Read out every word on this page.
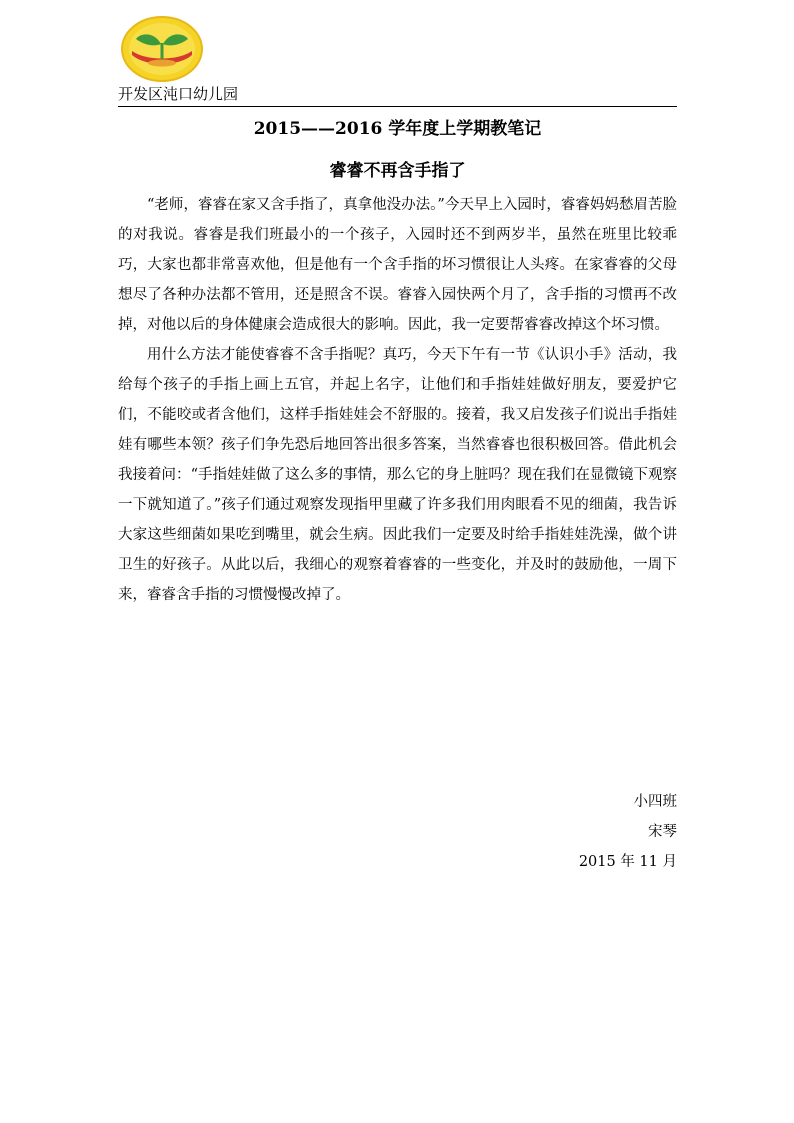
开发区沌口幼儿园
2015——2016 学年度上学期教笔记
睿睿不再含手指了

“老师，睿睿在家又含手指了，真拿他没办法。”今天早上入园时，睿睿妈妈愁眉苦脸的对我说。睿睿是我们班最小的一个孩子，入园时还不到两岁半，虽然在班里比较乖巧，大家也都非常喜欢他，但是他有一个含手指的坏习惯很让人头疼。在家睿睿的父母想尽了各种办法都不管用，还是照含不误。睿睿入园快两个月了，含手指的习惯再不改掉，对他以后的身体健康会造成很大的影响。因此，我一定要帮睿睿改掉这个坏习惯。

用什么方法才能使睿睿不含手指呢？真巧，今天下午有一节《认识小手》活动，我给每个孩子的手指上画上五官，并起上名字，让他们和手指娃娃做好朋友，要爱护它们，不能咬或者含他们，这样手指娃娃会不舒服的。接着，我又启发孩子们说出手指娃娃有哪些本领？孩子们争先恐后地回答出很多答案，当然睿睿也很积极回答。借此机会我接着问：“手指娃娃做了这么多的事情，那么它的身上脏吗？现在我们在显微镜下观察一下就知道了。”孩子们通过观察发现指甲里藏了许多我们用肉眼看不见的细菌，我告诉大家这些细菌如果吃到嘴里，就会生病。因此我们一定要及时给手指娃娃洗澡，做个讲卫生的好孩子。从此以后，我细心的观察着睿睿的一些变化，并及时的鼓励他，一周下来，睿睿含手指的习惯慢慢改掉了。

小四班
宋琴
2015 年 11 月
